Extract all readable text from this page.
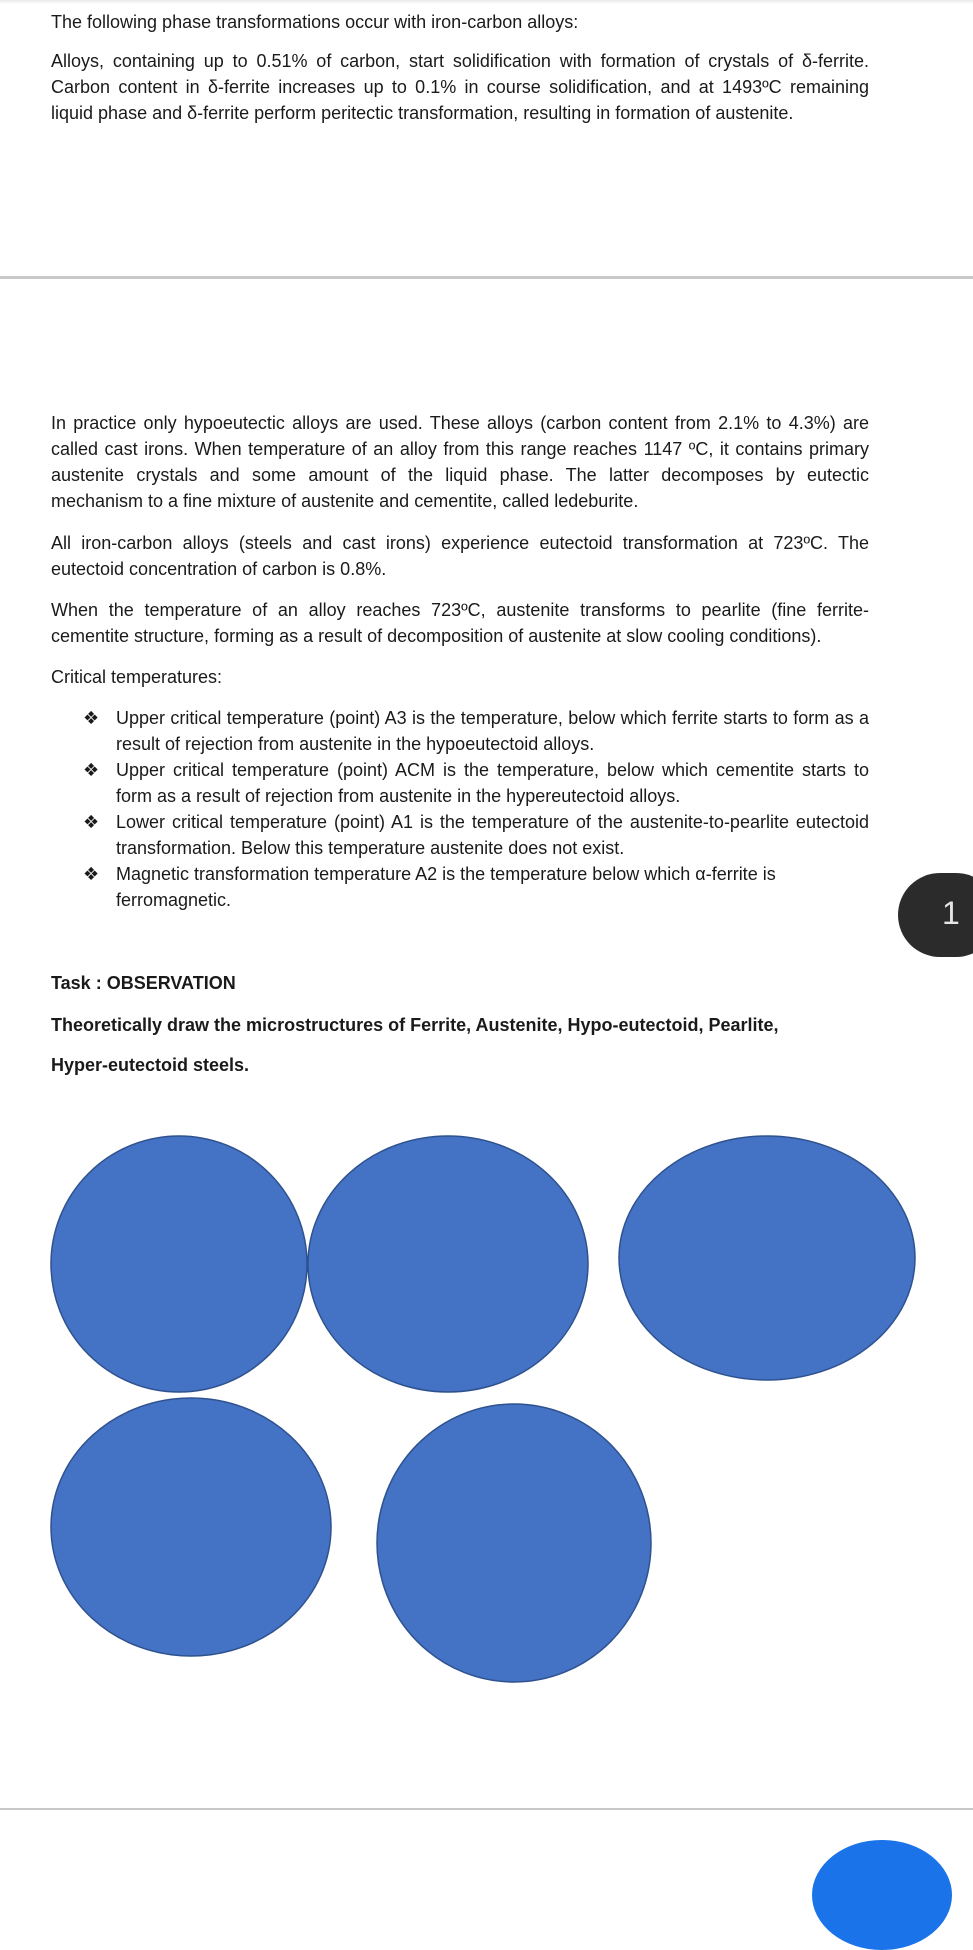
The following phase transformations occur with iron-carbon alloys:

Alloys, containing up to 0.51% of carbon, start solidification with formation of crystals of δ-ferrite. Carbon content in δ-ferrite increases up to 0.1% in course solidification, and at 1493ºC remaining liquid phase and δ-ferrite perform peritectic transformation, resulting in formation of austenite.

In practice only hypoeutectic alloys are used. These alloys (carbon content from 2.1% to 4.3%) are called cast irons. When temperature of an alloy from this range reaches 1147 ºC, it contains primary austenite crystals and some amount of the liquid phase. The latter decomposes by eutectic mechanism to a fine mixture of austenite and cementite, called ledeburite.

All iron-carbon alloys (steels and cast irons) experience eutectoid transformation at 723ºC. The eutectoid concentration of carbon is 0.8%.

When the temperature of an alloy reaches 723ºC, austenite transforms to pearlite (fine ferrite-cementite structure, forming as a result of decomposition of austenite at slow cooling conditions).

Critical temperatures:

❖ Upper critical temperature (point) A3 is the temperature, below which ferrite starts to form as a result of rejection from austenite in the hypoeutectoid alloys.
❖ Upper critical temperature (point) ACM is the temperature, below which cementite starts to form as a result of rejection from austenite in the hypereutectoid alloys.
❖ Lower critical temperature (point) A1 is the temperature of the austenite-to-pearlite eutectoid transformation. Below this temperature austenite does not exist.
❖ Magnetic transformation temperature A2 is the temperature below which α-ferrite is ferromagnetic.	1

Task : OBSERVATION

Theoretically draw the microstructures of Ferrite, Austenite, Hypo-eutectoid, Pearlite,

Hyper-eutectoid steels.
